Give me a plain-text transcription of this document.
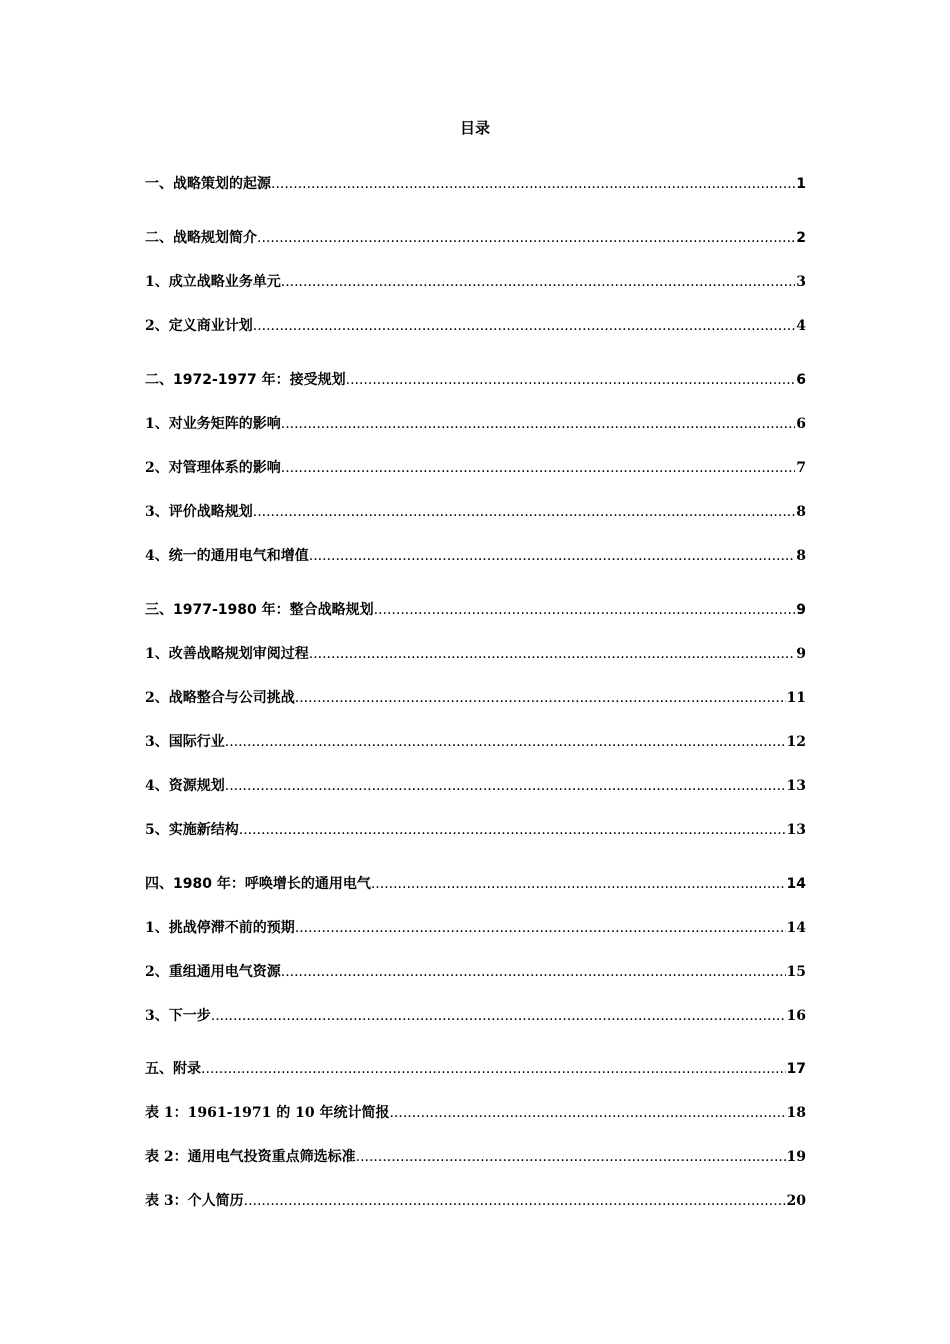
目录
一、战略策划的起源 .....	1
二、战略规划简介 .....	2
1、成立战略业务单元 .....	3
2、定义商业计划 .....	4
二、1972-1977 年：接受规划 .....	6
1、对业务矩阵的影响 .....	6
2、对管理体系的影响 .....	7
3、评价战略规划 .....	8
4、统一的通用电气和增值 .....	8
三、1977-1980 年：整合战略规划 .....	9
1、改善战略规划审阅过程 .....	9
2、战略整合与公司挑战 .....	11
3、国际行业 .....	12
4、资源规划 .....	13
5、实施新结构 .....	13
四、1980 年：呼唤增长的通用电气 .....	14
1、挑战停滞不前的预期 .....	14
2、重组通用电气资源 .....	15
3、下一步 .....	16
五、附录 .....	17
表 1：1961-1971 的 10 年统计简报 .....	18
表 2：通用电气投资重点筛选标准 .....	19
表 3：个人简历 .....	20
